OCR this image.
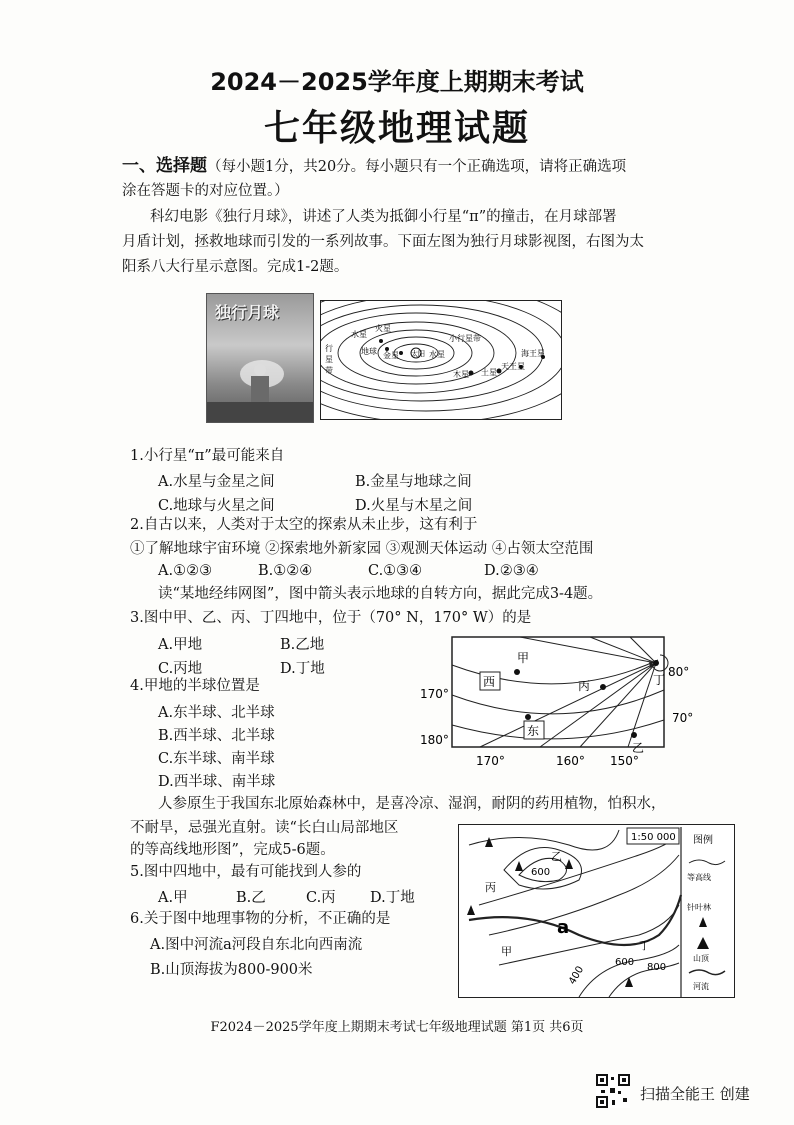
2024－2025学年度上期期末考试
七年级地理试题
一、选择题（每小题1分，共20分。每小题只有一个正确选项，请将正确选项
涂在答题卡的对应位置。）
科幻电影《独行月球》，讲述了人类为抵御小行星“π”的撞击，在月球部署
月盾计划，拯救地球而引发的一系列故事。下面左图为独行月球影视图，右图为太
阳系八大行星示意图。完成1-2题。
独行月球
水星
火星
地球 金星 太阳 水星
小行星带
木星 土星
天王星
海王星
行
星
带
1.小行星“π”最可能来自
A.水星与金星之间	B.金星与地球之间
C.地球与火星之间	D.火星与木星之间
2.自古以来，人类对于太空的探索从未止步，这有利于
①了解地球宇宙环境 ②探索地外新家园 ③观测天体运动 ④占领太空范围
A.①②③	B.①②④	C.①③④	D.②③④
读“某地经纬网图”，图中箭头表示地球的自转方向，据此完成3-4题。
3.图中甲、乙、丙、丁四地中，位于（70° N，170° W）的是
A.甲地	B.乙地
C.丙地	D.丁地
甲
乙
丙	丁
西
东
80°
70°
170°
180°
170°	160° 150°
4.甲地的半球位置是
A.东半球、北半球
B.西半球、北半球
C.东半球、南半球
D.西半球、南半球
人参原生于我国东北原始森林中，是喜冷凉、湿润，耐阴的药用植物，怕积水，
不耐旱，忌强光直射。读“长白山局部地区
的等高线地形图”，完成5-6题。
1:50 000 图例
等高线
针叶林
山顶
河流
乙
丙
甲	丁
a
600
400
600 800
5.图中四地中，最有可能找到人参的
A.甲	B.乙	C.丙 D.丁地
6.关于图中地理事物的分析，不正确的是
A.图中河流a河段自东北向西南流
B.山顶海拔为800-900米
F2024－2025学年度上期期末考试七年级地理试题 第1页 共6页
扫描全能王 创建
